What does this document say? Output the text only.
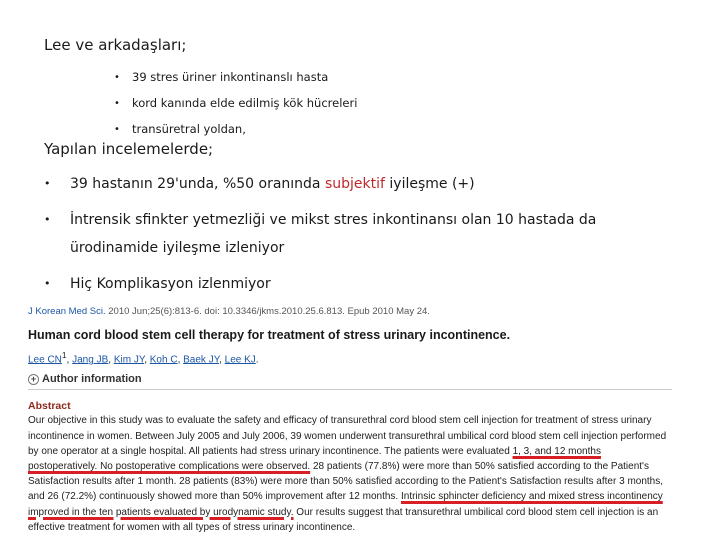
Lee ve arkadaşları;
•	39 stres üriner inkontinanslı hasta
•	kord kanında elde edilmiş kök hücreleri
•	transüretral yoldan,
Yapılan incelemelerde;
•	39 hastanın 29'unda, %50 oranında subjektif iyileşme (+)
•	İntrensik sfinkter yetmezliği ve mikst stres inkontinansı olan 10 hastada da
ürodinamide iyileşme izleniyor
•	Hiç Komplikasyon izlenmiyor
J Korean Med Sci. 2010 Jun;25(6):813-6. doi: 10.3346/jkms.2010.25.6.813. Epub 2010 May 24.
Human cord blood stem cell therapy for treatment of stress urinary incontinence.
Lee $CN^1$, Jang JB, Kim JY, Koh C, Baek JY, Lee KJ.
+ Author information
Abstract
Our objective in this study was to evaluate the safety and efficacy of transurethral cord blood stem cell injection for treatment of stress urinary incontinence in women. Between July 2005 and July 2006, 39 women underwent transurethral umbilical cord blood stem cell injection performed by one operator at a single hospital. All patients had stress urinary incontinence. The patients were evaluated 1, 3, and 12 months postoperatively. No postoperative complications were observed. 28 patients (77.8%) were more than 50% satisfied according to the Patient's Satisfaction results after 1 month. 28 patients (83%) were more than 50% satisfied according to the Patient's Satisfaction results after 3 months, and 26 (72.2%) continuously showed more than 50% improvement after 12 months. Intrinsic sphincter deficiency and mixed stress incontinency improved in the ten patients evaluated by urodynamic study. Our results suggest that transurethral umbilical cord blood stem cell injection is an effective treatment for women with all types of stress urinary incontinence.
